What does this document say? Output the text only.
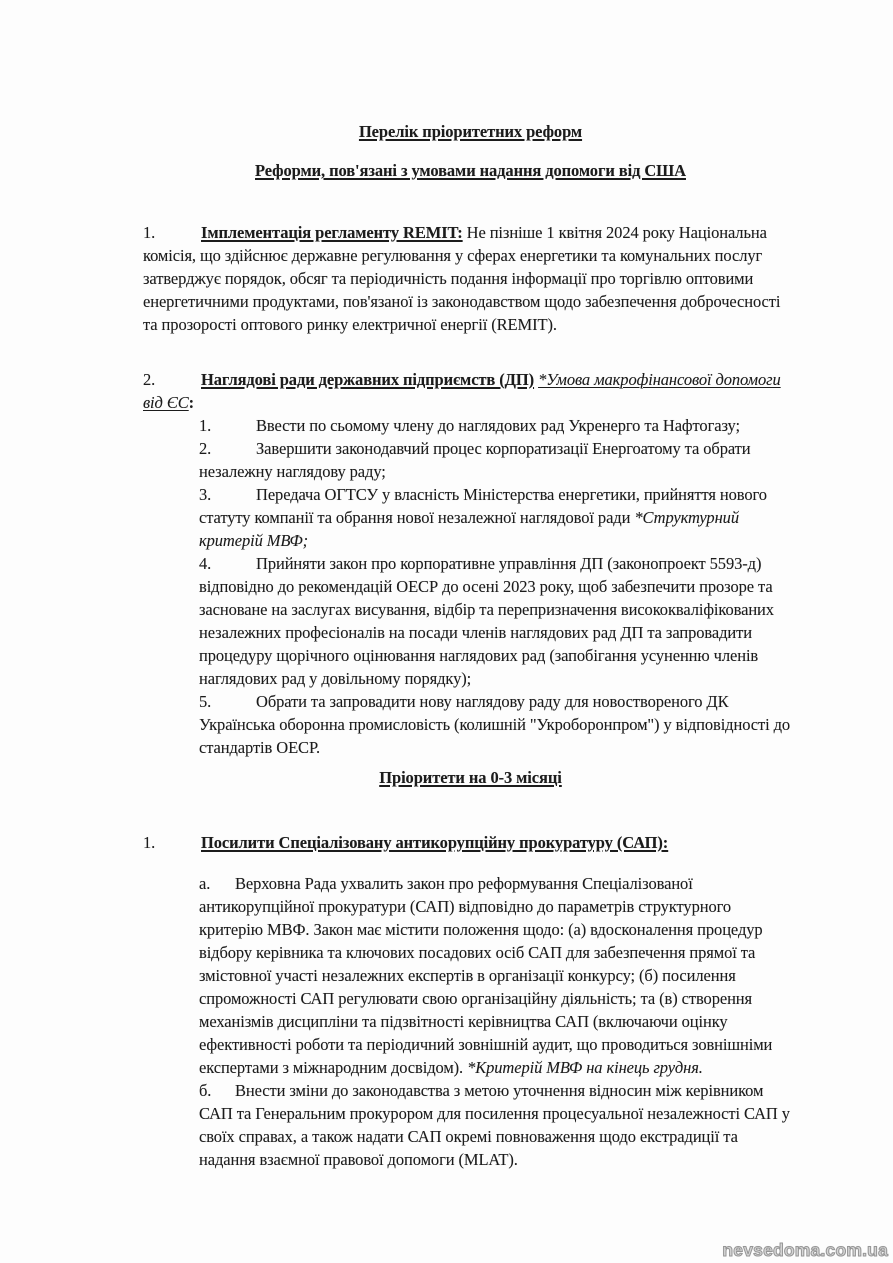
Перелік пріоритетних реформ
Реформи, пов'язані з умовами надання допомоги від США
1.	Імплементація регламенту REMIT: Не пізніше 1 квітня 2024 року Національна комісія, що здійснює державне регулювання у сферах енергетики та комунальних послуг затверджує порядок, обсяг та періодичність подання інформації про торгівлю оптовими енергетичними продуктами, пов'язаної із законодавством щодо забезпечення доброчесності та прозорості оптового ринку електричної енергії (REMIT).
2.	Наглядові ради державних підприємств (ДП) *Умова макрофінансової допомоги від ЄС:
1.	Ввести по сьомому члену до наглядових рад Укренерго та Нафтогазу;
2.	Завершити законодавчий процес корпоратизації Енергоатому та обрати незалежну наглядову раду;
3.	Передача ОГТСУ у власність Міністерства енергетики, прийняття нового статуту компанії та обрання нової незалежної наглядової ради *Структурний критерій МВФ;
4.	Прийняти закон про корпоративне управління ДП (законопроект 5593-д) відповідно до рекомендацій ОЕСР до осені 2023 року, щоб забезпечити прозоре та засноване на заслугах висування, відбір та перепризначення висококваліфікованих незалежних професіоналів на посади членів наглядових рад ДП та запровадити процедуру щорічного оцінювання наглядових рад (запобігання усуненню членів наглядових рад у довільному порядку);
5.	Обрати та запровадити нову наглядову раду для новоствореного ДК Українська оборонна промисловість (колишній "Укроборонпром") у відповідності до стандартів ОЕСР.
Пріоритети на 0-3 місяці
1.	Посилити Спеціалізовану антикорупційну прокуратуру (САП):
а. Верховна Рада ухвалить закон про реформування Спеціалізованої антикорупційної прокуратури (САП) відповідно до параметрів структурного критерію МВФ. Закон має містити положення щодо: (а) вдосконалення процедур відбору керівника та ключових посадових осіб САП для забезпечення прямої та змістовної участі незалежних експертів в організації конкурсу; (б) посилення спроможності САП регулювати свою організаційну діяльність; та (в) створення механізмів дисципліни та підзвітності керівництва САП (включаючи оцінку ефективності роботи та періодичний зовнішній аудит, що проводиться зовнішніми експертами з міжнародним досвідом). *Критерій МВФ на кінець грудня.
б. Внести зміни до законодавства з метою уточнення відносин між керівником САП та Генеральним прокурором для посилення процесуальної незалежності САП у своїх справах, а також надати САП окремі повноваження щодо екстрадиції та надання взаємної правової допомоги (MLAT).
nevsedoma.com.ua
